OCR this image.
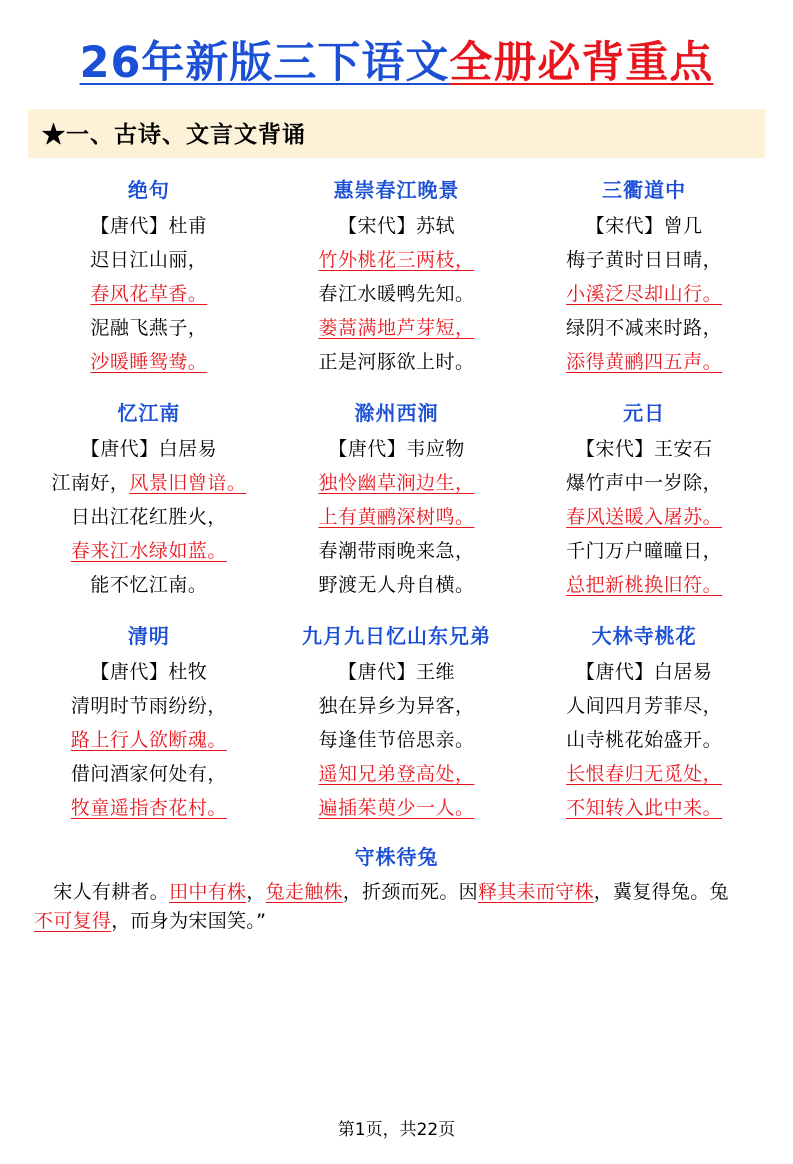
26年新版三下语文全册必背重点
★一、古诗、文言文背诵
绝句
【唐代】杜甫
迟日江山丽，
春风花草香。
泥融飞燕子，
沙暖睡鸳鸯。
惠崇春江晚景
【宋代】苏轼
竹外桃花三两枝，
春江水暖鸭先知。
蒌蒿满地芦芽短，
正是河豚欲上时。
三衢道中
【宋代】曾几
梅子黄时日日晴，
小溪泛尽却山行。
绿阴不减来时路，
添得黄鹂四五声。
忆江南
【唐代】白居易
江南好，风景旧曾谙。
日出江花红胜火，
春来江水绿如蓝。
能不忆江南。
滁州西涧
【唐代】韦应物
独怜幽草涧边生，
上有黄鹂深树鸣。
春潮带雨晚来急，
野渡无人舟自横。
元日
【宋代】王安石
爆竹声中一岁除，
春风送暖入屠苏。
千门万户曈曈日，
总把新桃换旧符。
清明
【唐代】杜牧
清明时节雨纷纷，
路上行人欲断魂。
借问酒家何处有，
牧童遥指杏花村。
九月九日忆山东兄弟
【唐代】王维
独在异乡为异客，
每逢佳节倍思亲。
遥知兄弟登高处，
遍插茱萸少一人。
大林寺桃花
【唐代】白居易
人间四月芳菲尽，
山寺桃花始盛开。
长恨春归无觅处，
不知转入此中来。
守株待兔
　宋人有耕者。田中有株，兔走触株，折颈而死。因释其耒而守株，冀复得兔。兔不可复得，而身为宋国笑。”
第1页，共22页
